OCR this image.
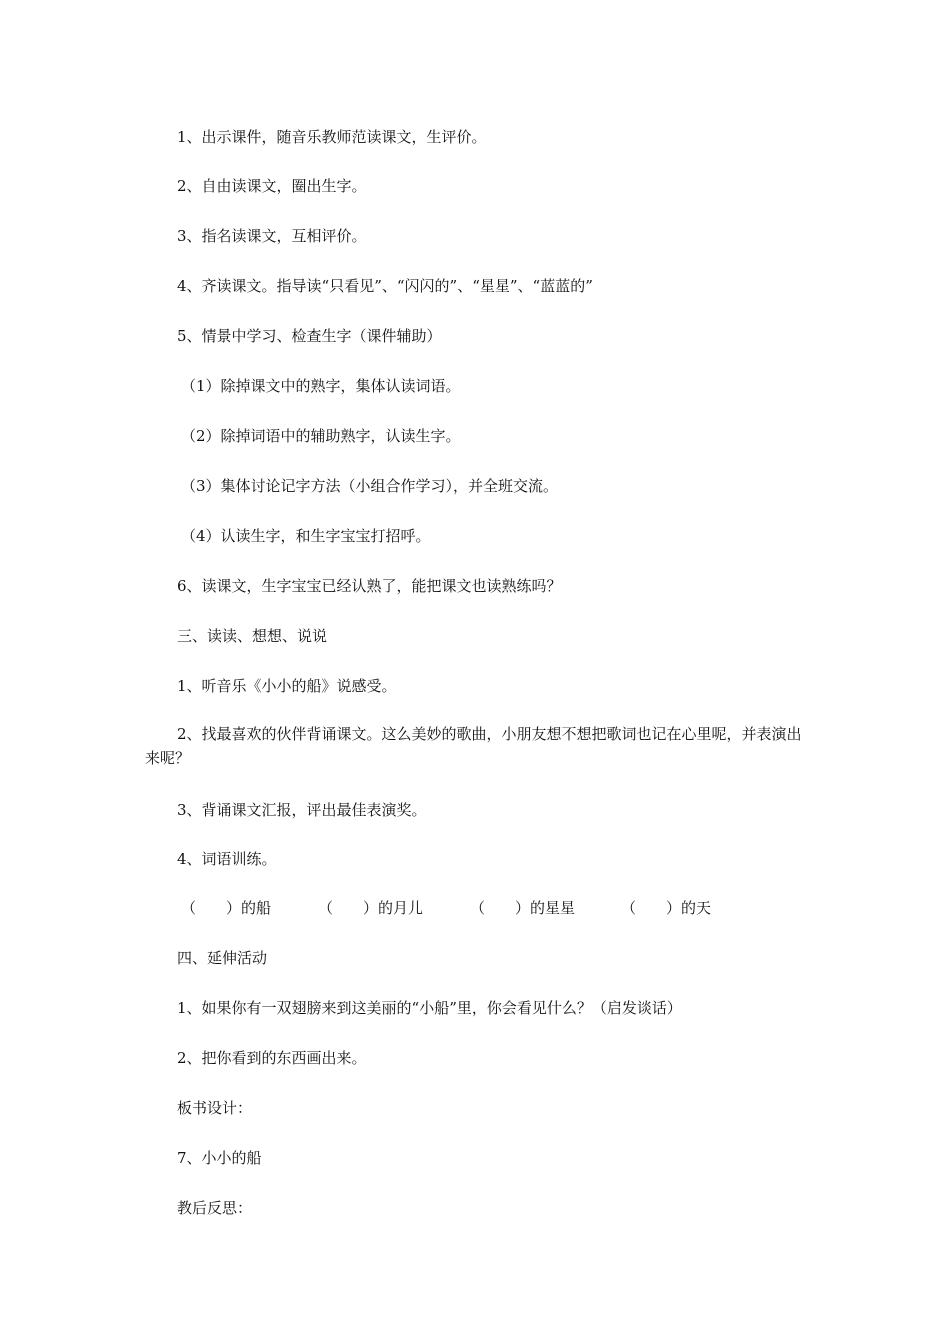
1、出示课件，随音乐教师范读课文，生评价。
2、自由读课文，圈出生字。
3、指名读课文，互相评价。
4、齐读课文。指导读“只看见”、“闪闪的”、“星星”、“蓝蓝的”
5、情景中学习、检查生字（课件辅助）
（1）除掉课文中的熟字，集体认读词语。
（2）除掉词语中的辅助熟字，认读生字。
（3）集体讨论记字方法（小组合作学习），并全班交流。
（4）认读生字，和生字宝宝打招呼。
6、读课文，生字宝宝已经认熟了，能把课文也读熟练吗？
三、读读、想想、说说
1、听音乐《小小的船》说感受。
2、找最喜欢的伙伴背诵课文。这么美妙的歌曲，小朋友想不想把歌词也记在心里呢，并表演出来呢？
3、背诵课文汇报，评出最佳表演奖。
4、词语训练。
（　　）的船	（　　）的月儿	（　　）的星星	（　　）的天
四、延伸活动
1、如果你有一双翅膀来到这美丽的“小船”里，你会看见什么？（启发谈话）
2、把你看到的东西画出来。
板书设计：
7、小小的船
教后反思：
